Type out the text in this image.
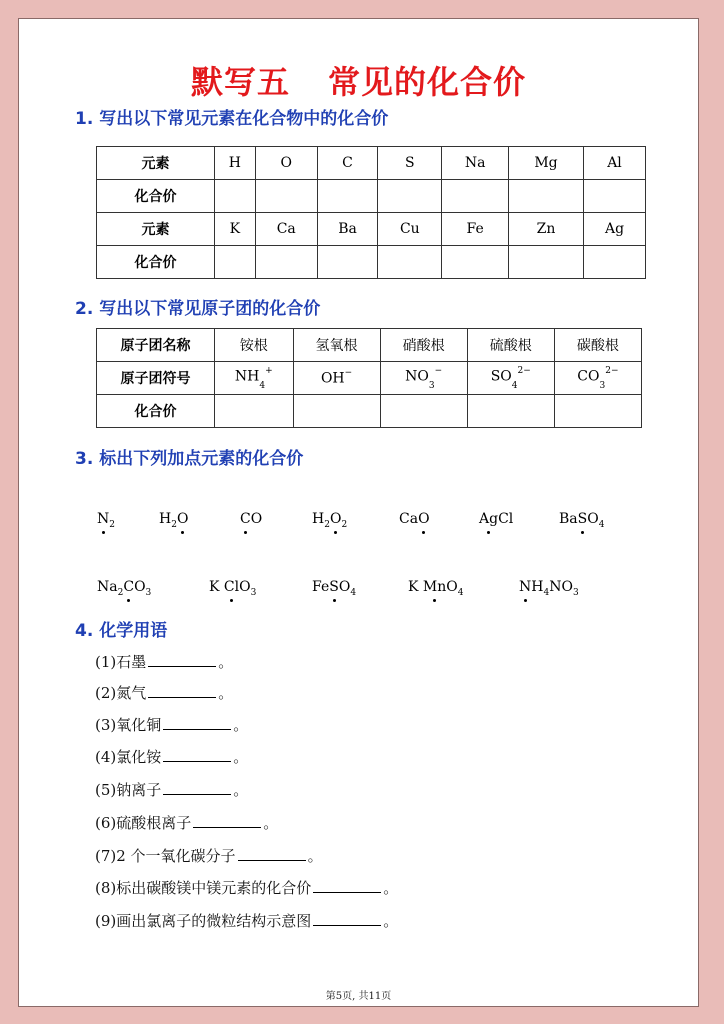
默写五 常见的化合价
1. 写出以下常见元素在化合物中的化合价
元素	H	O	C	S	Na	Mg	Al
化合价							
元素	K	Ca	Ba	Cu	Fe	Zn	Ag
化合价							
2. 写出以下常见原子团的化合价
原子团名称	铵根	氢氧根	硝酸根	硫酸根	碳酸根
原子团符号	$NH_4^+$	OH−	$NO_3^-$	$SO_4^{2-}$	$CO_3^{2-}$
化合价					
3. 标出下列加点元素的化合价
$N_2$	$H_2O$	CO	$H_2O_2$	CaO	AgCl	BaSO$_4$
$Na_2CO_3$	K ClO$_3$	FeSO$_4$	K MnO$_4$	$NH_4NO_3$
4. 化学用语
(1)石墨	。
(2)氮气	。
(3)氧化铜	。
(4)氯化铵	。
(5)钠离子	。
(6)硫酸根离子	。
(7)2 个一氧化碳分子	。
(8)标出碳酸镁中镁元素的化合价	。
(9)画出氯离子的微粒结构示意图	。
第5页, 共11页
